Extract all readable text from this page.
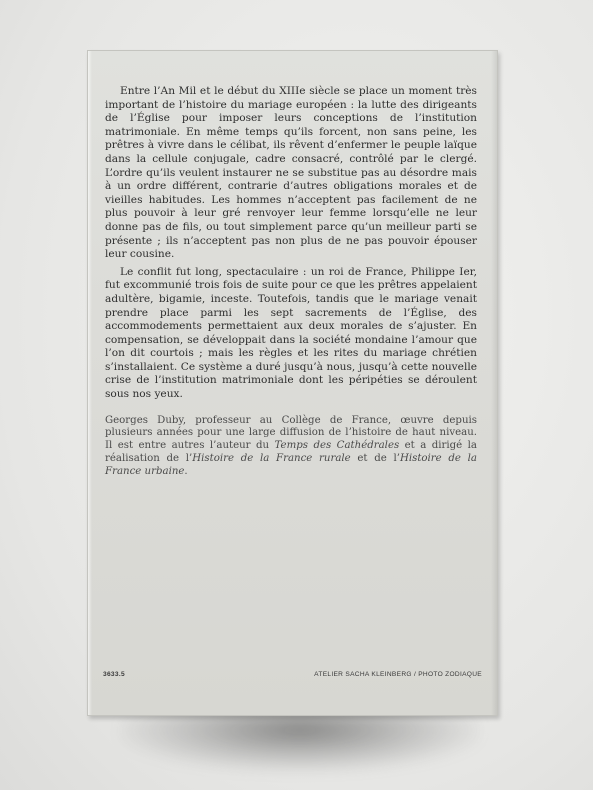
Entre l’An Mil et le début du XIIIe siècle se place un moment très important de l’histoire du mariage européen : la lutte des dirigeants de l’Église pour imposer leurs conceptions de l’institution matrimoniale. En même temps qu’ils forcent, non sans peine, les prêtres à vivre dans le célibat, ils rêvent d’enfermer le peuple laïque dans la cellule conjugale, cadre consacré, contrôlé par le clergé. L’ordre qu’ils veulent instaurer ne se substitue pas au désordre mais à un ordre différent, contrarie d’autres obligations morales et de vieilles habitudes. Les hommes n’acceptent pas facilement de ne plus pouvoir à leur gré renvoyer leur femme lorsqu’elle ne leur donne pas de fils, ou tout simplement parce qu’un meilleur parti se présente ; ils n’acceptent pas non plus de ne pas pouvoir épouser leur cousine.

Le conflit fut long, spectaculaire : un roi de France, Philippe Ier, fut excommunié trois fois de suite pour ce que les prêtres appelaient adultère, bigamie, inceste. Toutefois, tandis que le mariage venait prendre place parmi les sept sacrements de l’Église, des accommodements permettaient aux deux morales de s’ajuster. En compensation, se développait dans la société mondaine l’amour que l’on dit courtois ; mais les règles et les rites du mariage chrétien s’installaient. Ce système a duré jusqu’à nous, jusqu’à cette nouvelle crise de l’institution matrimoniale dont les péripéties se déroulent sous nos yeux.

Georges Duby, professeur au Collège de France, œuvre depuis plusieurs années pour une large diffusion de l’histoire de haut niveau. Il est entre autres l’auteur du Temps des Cathédrales et a dirigé la réalisation de l’Histoire de la France rurale et de l’Histoire de la France urbaine.

3633.5	ATELIER SACHA KLEINBERG / PHOTO ZODIAQUE
